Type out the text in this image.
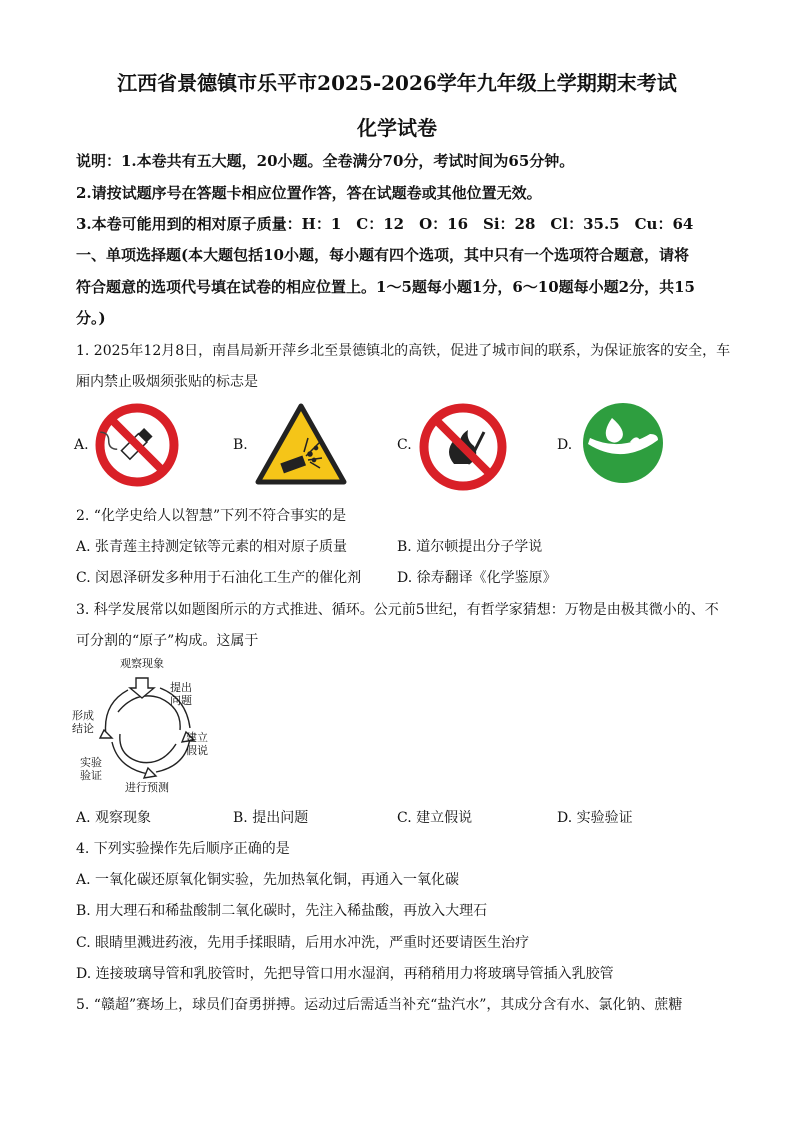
江西省景德镇市乐平市2025-2026学年九年级上学期期末考试
化学试卷
说明：1.本卷共有五大题，20小题。全卷满分70分，考试时间为65分钟。
2.请按试题序号在答题卡相应位置作答，答在试题卷或其他位置无效。
3.本卷可能用到的相对原子质量：H：1　C：12　O：16　Si：28　Cl：35.5　Cu：64
一、单项选择题(本大题包括10小题，每小题有四个选项，其中只有一个选项符合题意，请将
符合题意的选项代号填在试卷的相应位置上。1～5题每小题1分，6～10题每小题2分，共15
分。)
1. 2025年12月8日，南昌局新开萍乡北至景德镇北的高铁，促进了城市间的联系，为保证旅客的安全，车
厢内禁止吸烟须张贴的标志是
A.	B.	C.	D.
2. “化学史给人以智慧”下列不符合事实的是
A. 张青莲主持测定铱等元素的相对原子质量	B. 道尔顿提出分子学说
C. 闵恩泽研发多种用于石油化工生产的催化剂	D. 徐寿翻译《化学鉴原》
3. 科学发展常以如题图所示的方式推进、循环。公元前5世纪，有哲学家猜想：万物是由极其微小的、不
可分割的“原子”构成。这属于
观察现象
提出
问题
建立
假说
进行预测
实验
验证
形成
结论
A. 观察现象	B. 提出问题	C. 建立假说	D. 实验验证
4. 下列实验操作先后顺序正确的是
A. 一氧化碳还原氧化铜实验，先加热氧化铜，再通入一氧化碳
B. 用大理石和稀盐酸制二氧化碳时，先注入稀盐酸，再放入大理石
C. 眼睛里溅进药液，先用手揉眼睛，后用水冲洗，严重时还要请医生治疗
D. 连接玻璃导管和乳胶管时，先把导管口用水湿润，再稍稍用力将玻璃导管插入乳胶管
5. “赣超”赛场上，球员们奋勇拼搏。运动过后需适当补充“盐汽水”，其成分含有水、氯化钠、蔗糖
